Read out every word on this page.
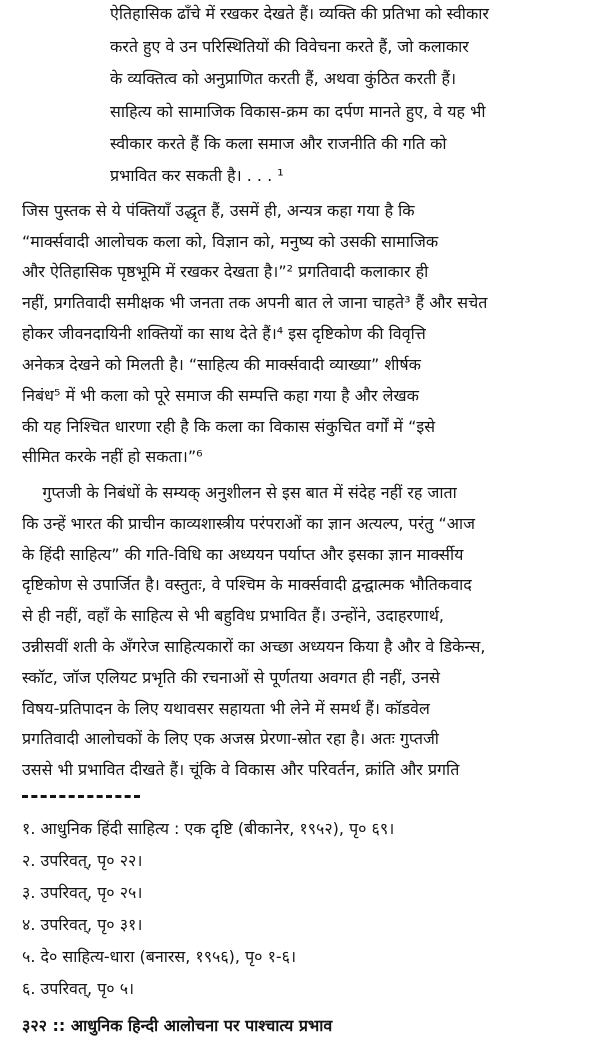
ऐतिहासिक ढाँचे में रखकर देखते हैं। व्यक्ति की प्रतिभा को स्वीकार
करते हुए वे उन परिस्थितियों की विवेचना करते हैं, जो कलाकार
के व्यक्तित्व को अनुप्राणित करती हैं, अथवा कुंठित करती हैं।
साहित्य को सामाजिक विकास-क्रम का दर्पण मानते हुए, वे यह भी
स्वीकार करते हैं कि कला समाज और राजनीति की गति को
प्रभावित कर सकती है। . . . ¹
जिस पुस्तक से ये पंक्तियाँ उद्धृत हैं, उसमें ही, अन्यत्र कहा गया है कि
“मार्क्सवादी आलोचक कला को, विज्ञान को, मनुष्य को उसकी सामाजिक
और ऐतिहासिक पृष्ठभूमि में रखकर देखता है।”² प्रगतिवादी कलाकार ही
नहीं, प्रगतिवादी समीक्षक भी जनता तक अपनी बात ले जाना चाहते³ हैं और सचेत
होकर जीवनदायिनी शक्तियों का साथ देते हैं।⁴ इस दृष्टिकोण की विवृत्ति
अनेकत्र देखने को मिलती है। “साहित्य की मार्क्सवादी व्याख्या” शीर्षक
निबंध⁵ में भी कला को पूरे समाज की सम्पत्ति कहा गया है और लेखक
की यह निश्चित धारणा रही है कि कला का विकास संकुचित वर्गों में “इसे
सीमित करके नहीं हो सकता।”⁶
गुप्तजी के निबंधों के सम्यक् अनुशीलन से इस बात में संदेह नहीं रह जाता
कि उन्हें भारत की प्राचीन काव्यशास्त्रीय परंपराओं का ज्ञान अत्यल्प, परंतु “आज
के हिंदी साहित्य” की गति-विधि का अध्ययन पर्याप्त और इसका ज्ञान मार्क्सीय
दृष्टिकोण से उपार्जित है। वस्तुतः, वे पश्चिम के मार्क्सवादी द्वन्द्वात्मक भौतिकवाद
से ही नहीं, वहाँ के साहित्य से भी बहुविध प्रभावित हैं। उन्होंने, उदाहरणार्थ,
उन्नीसवीं शती के अँगरेज साहित्यकारों का अच्छा अध्ययन किया है और वे डिकेन्स,
स्कॉट, जॉज एलियट प्रभृति की रचनाओं से पूर्णतया अवगत ही नहीं, उनसे
विषय-प्रतिपादन के लिए यथावसर सहायता भी लेने में समर्थ हैं। कॉडवेल
प्रगतिवादी आलोचकों के लिए एक अजस्र प्रेरणा-स्रोत रहा है। अतः गुप्तजी
उससे भी प्रभावित दीखते हैं। चूंकि वे विकास और परिवर्तन, क्रांति और प्रगति
१. आधुनिक हिंदी साहित्य : एक दृष्टि (बीकानेर, १९५२), पृ० ६९।
२. उपरिवत्, पृ० २२।
३. उपरिवत्, पृ० २५।
४. उपरिवत्, पृ० ३१।
५. दे० साहित्य-धारा (बनारस, १९५६), पृ० १-६।
६. उपरिवत्, पृ० ५।
३२२ :: आधुनिक हिन्दी आलोचना पर पाश्चात्य प्रभाव
